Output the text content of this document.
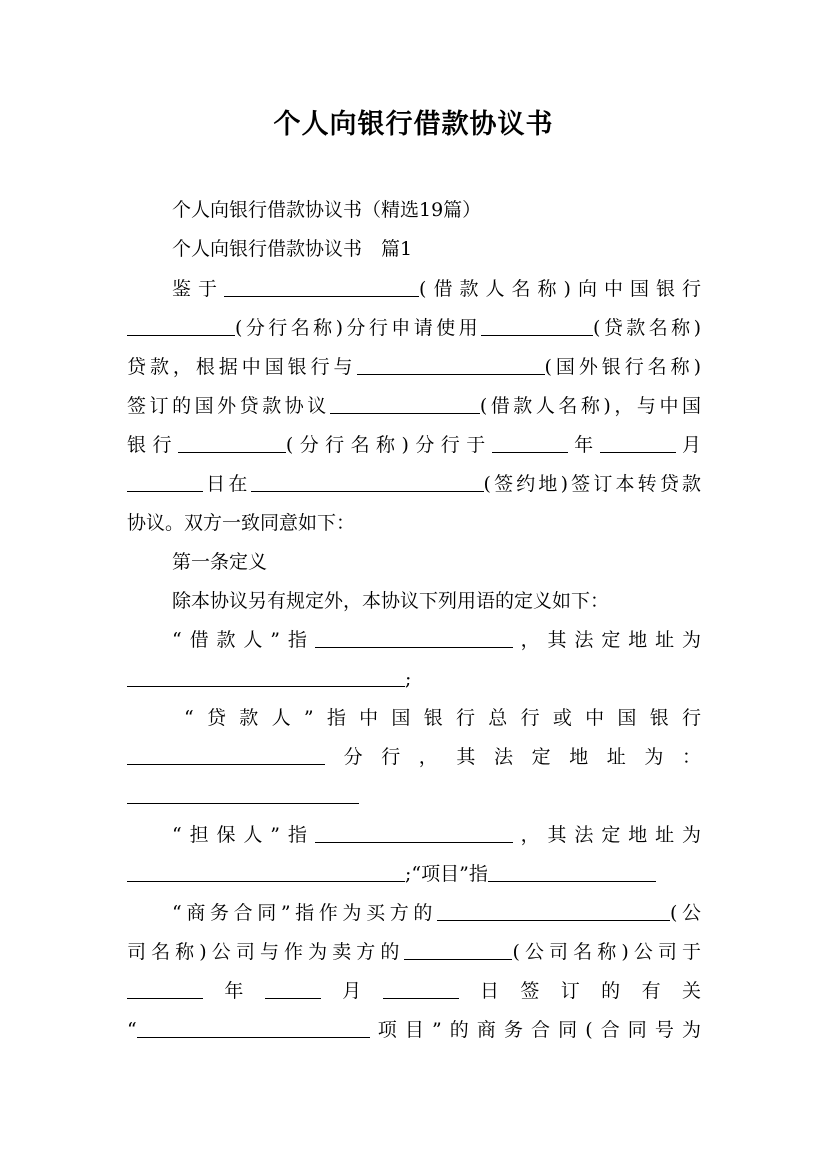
个人向银行借款协议书
个人向银行借款协议书（精选19篇）
个人向银行借款协议书　篇1
鉴于	(借款人名称)向中国银行
(分行名称)分行申请使用	(贷款名称)
贷款，根据中国银行与	(国外银行名称)
签订的国外贷款协议	(借款人名称)，与中国
银行	(分行名称)分行于	年	月
日在	(签约地)签订本转贷款
协议。双方一致同意如下：
第一条定义
除本协议另有规定外，本协议下列用语的定义如下：
“借款人”指	，其法定地址为
;
“贷款人”指中国银行总行或中国银行
分行，其法定地址为：
“担保人”指	，其法定地址为
;“项目”指
“商务合同”指作为买方的	(公
司名称)公司与作为卖方的	(公司名称)公司于
年	月	日签订的有关
“	项目”的商务合同(合同号为
